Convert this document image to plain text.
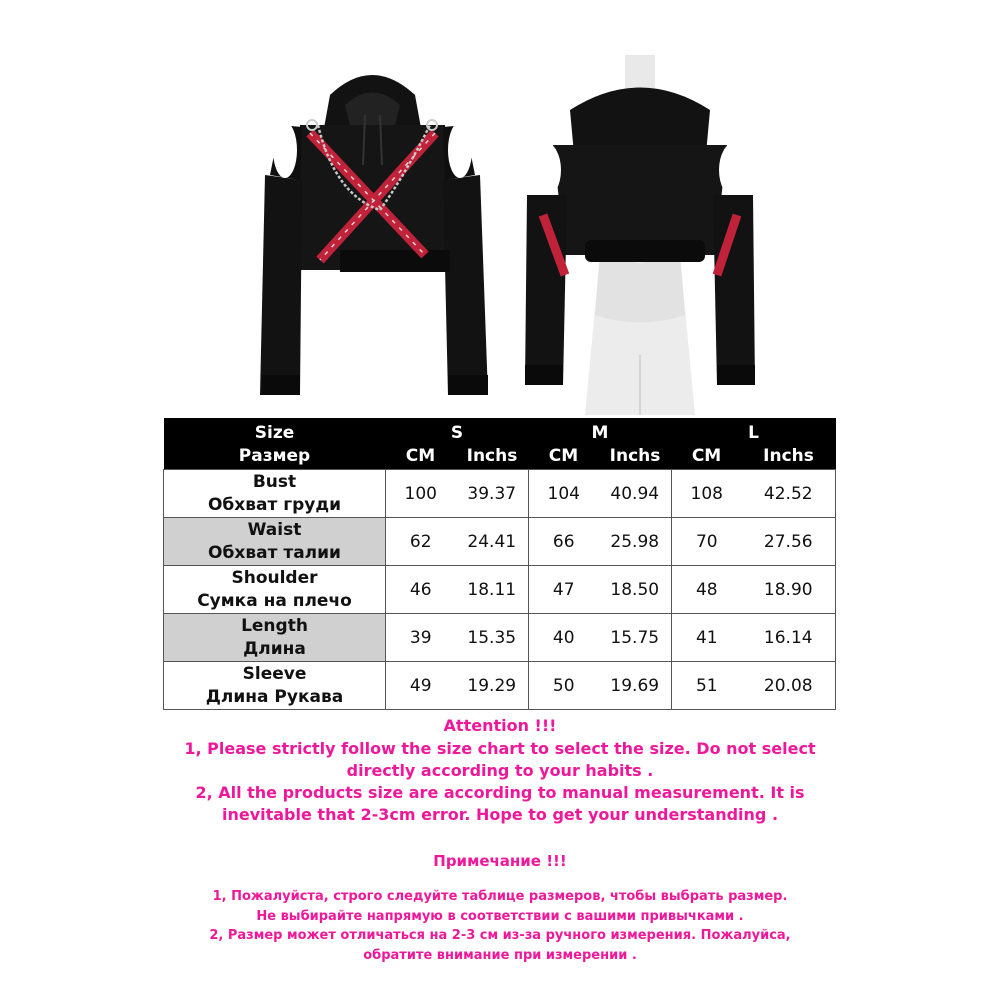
Size	S		M		L	
Размер	CM	Inchs	CM	Inchs	CM	Inchs
Bust
Обхват груди	100	39.37	104	40.94	108	42.52
Waist
Обхват талии	62	24.41	66	25.98	70	27.56
Shoulder
Сумка на плечо	46	18.11	47	18.50	48	18.90
Length
Длина	39	15.35	40	15.75	41	16.14
Sleeve
Длина Рукава	49	19.29	50	19.69	51	20.08

Attention !!!

1, Please strictly follow the size chart to select the size. Do not select

directly according to your habits .

2, All the products size are according to manual measurement. It is

inevitable that 2-3cm error. Hope to get your understanding .

Примечание !!!

1, Пожалуйста, строго следуйте таблице размеров, чтобы выбрать размер.

Не выбирайте напрямую в соответствии с вашими привычками .

2, Размер может отличаться на 2-3 см из-за ручного измерения. Пожалуйса,

обратите внимание при измерении .
